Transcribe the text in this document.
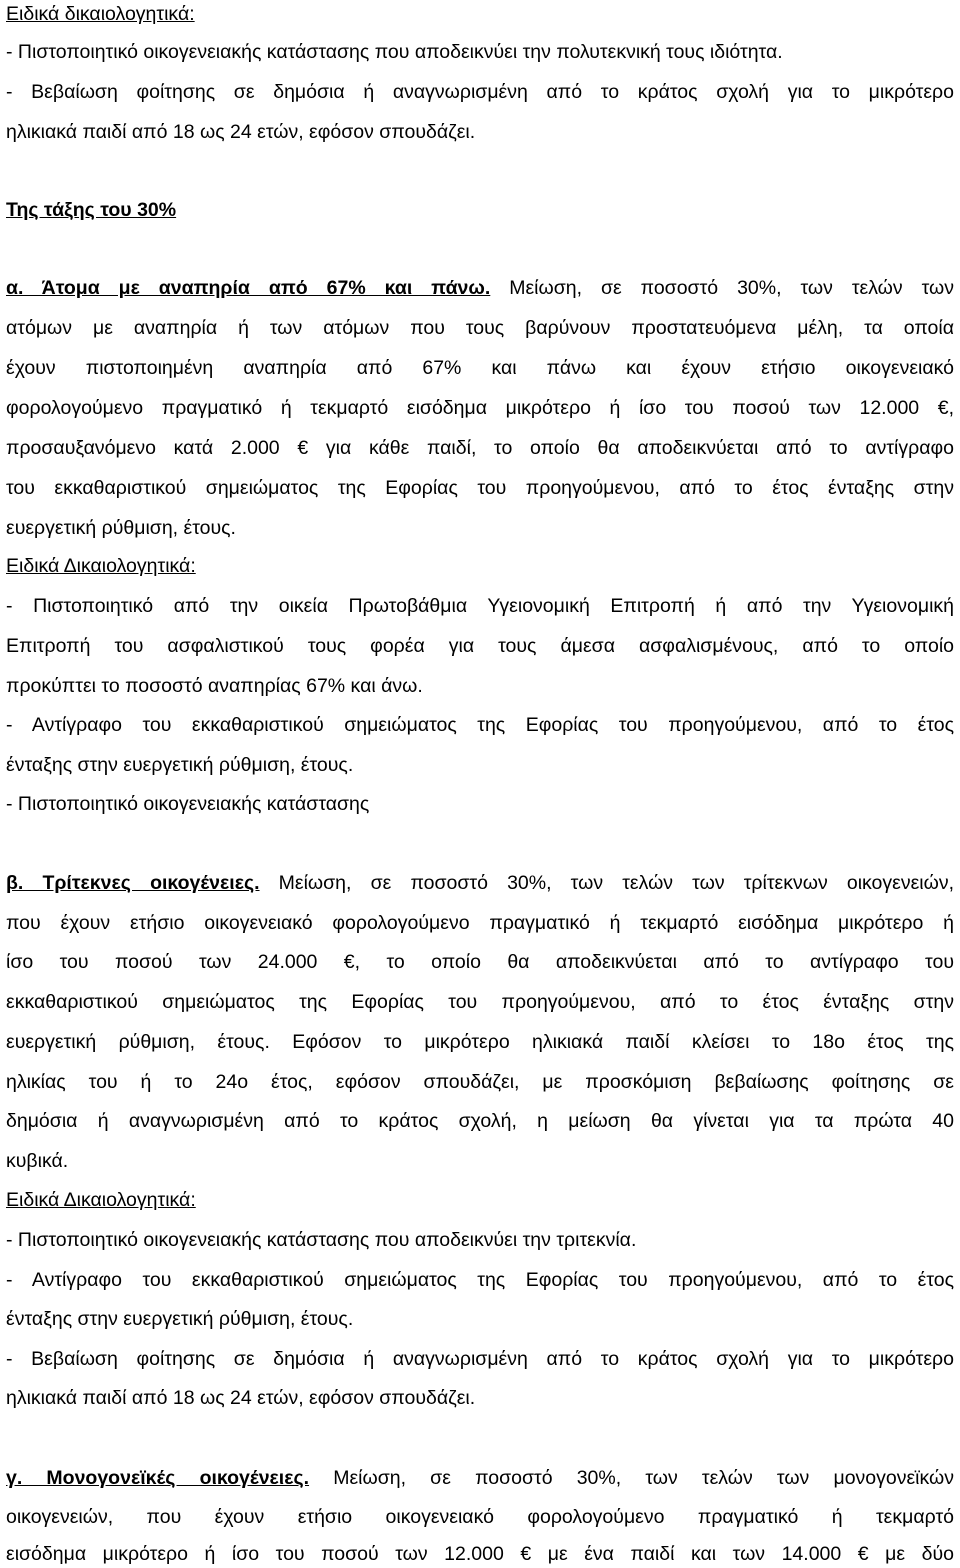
Ειδικά δικαιολογητικά:
- Πιστοποιητικό οικογενειακής κατάστασης που αποδεικνύει την πολυτεκνική τους ιδιότητα.
- Βεβαίωση φοίτησης σε δημόσια ή αναγνωρισμένη από το κράτος σχολή για το μικρότερο
ηλικιακά παιδί από 18 ως 24 ετών, εφόσον σπουδάζει.
Της τάξης του 30%
α. Άτομα με αναπηρία από 67% και πάνω. Μείωση, σε ποσοστό 30%, των τελών των
ατόμων με αναπηρία ή των ατόμων που τους βαρύνουν προστατευόμενα μέλη, τα οποία
έχουν πιστοποιημένη αναπηρία από 67% και πάνω και έχουν ετήσιο οικογενειακό
φορολογούμενο πραγματικό ή τεκμαρτό εισόδημα μικρότερο ή ίσο του ποσού των 12.000 €,
προσαυξανόμενο κατά 2.000 € για κάθε παιδί, το οποίο θα αποδεικνύεται από το αντίγραφο
του εκκαθαριστικού σημειώματος της Εφορίας του προηγούμενου, από το έτος ένταξης στην
ευεργετική ρύθμιση, έτους.
Ειδικά Δικαιολογητικά:
- Πιστοποιητικό από την οικεία Πρωτοβάθμια Υγειονομική Επιτροπή ή από την Υγειονομική
Επιτροπή του ασφαλιστικού τους φορέα για τους άμεσα ασφαλισμένους, από το οποίο
προκύπτει το ποσοστό αναπηρίας 67% και άνω.
- Αντίγραφο του εκκαθαριστικού σημειώματος της Εφορίας του προηγούμενου, από το έτος
ένταξης στην ευεργετική ρύθμιση, έτους.
- Πιστοποιητικό οικογενειακής κατάστασης
β. Τρίτεκνες οικογένειες. Μείωση, σε ποσοστό 30%, των τελών των τρίτεκνων οικογενειών,
που έχουν ετήσιο οικογενειακό φορολογούμενο πραγματικό ή τεκμαρτό εισόδημα μικρότερο ή
ίσο του ποσού των 24.000 €, το οποίο θα αποδεικνύεται από το αντίγραφο του
εκκαθαριστικού σημειώματος της Εφορίας του προηγούμενου, από το έτος ένταξης στην
ευεργετική ρύθμιση, έτους. Εφόσον το μικρότερο ηλικιακά παιδί κλείσει το 18ο έτος της
ηλικίας του ή το 24ο έτος, εφόσον σπουδάζει, με προσκόμιση βεβαίωσης φοίτησης σε
δημόσια ή αναγνωρισμένη από το κράτος σχολή, η μείωση θα γίνεται για τα πρώτα 40
κυβικά.
Ειδικά Δικαιολογητικά:
- Πιστοποιητικό οικογενειακής κατάστασης που αποδεικνύει την τριτεκνία.
- Αντίγραφο του εκκαθαριστικού σημειώματος της Εφορίας του προηγούμενου, από το έτος
ένταξης στην ευεργετική ρύθμιση, έτους.
- Βεβαίωση φοίτησης σε δημόσια ή αναγνωρισμένη από το κράτος σχολή για το μικρότερο
ηλικιακά παιδί από 18 ως 24 ετών, εφόσον σπουδάζει.
γ. Μονογονεϊκές οικογένειες. Μείωση, σε ποσοστό 30%, των τελών των μονογονεϊκών
οικογενειών, που έχουν ετήσιο οικογενειακό φορολογούμενο πραγματικό ή τεκμαρτό
εισόδημα μικρότερο ή ίσο του ποσού των 12.000 € με ένα παιδί και των 14.000 € με δύο
